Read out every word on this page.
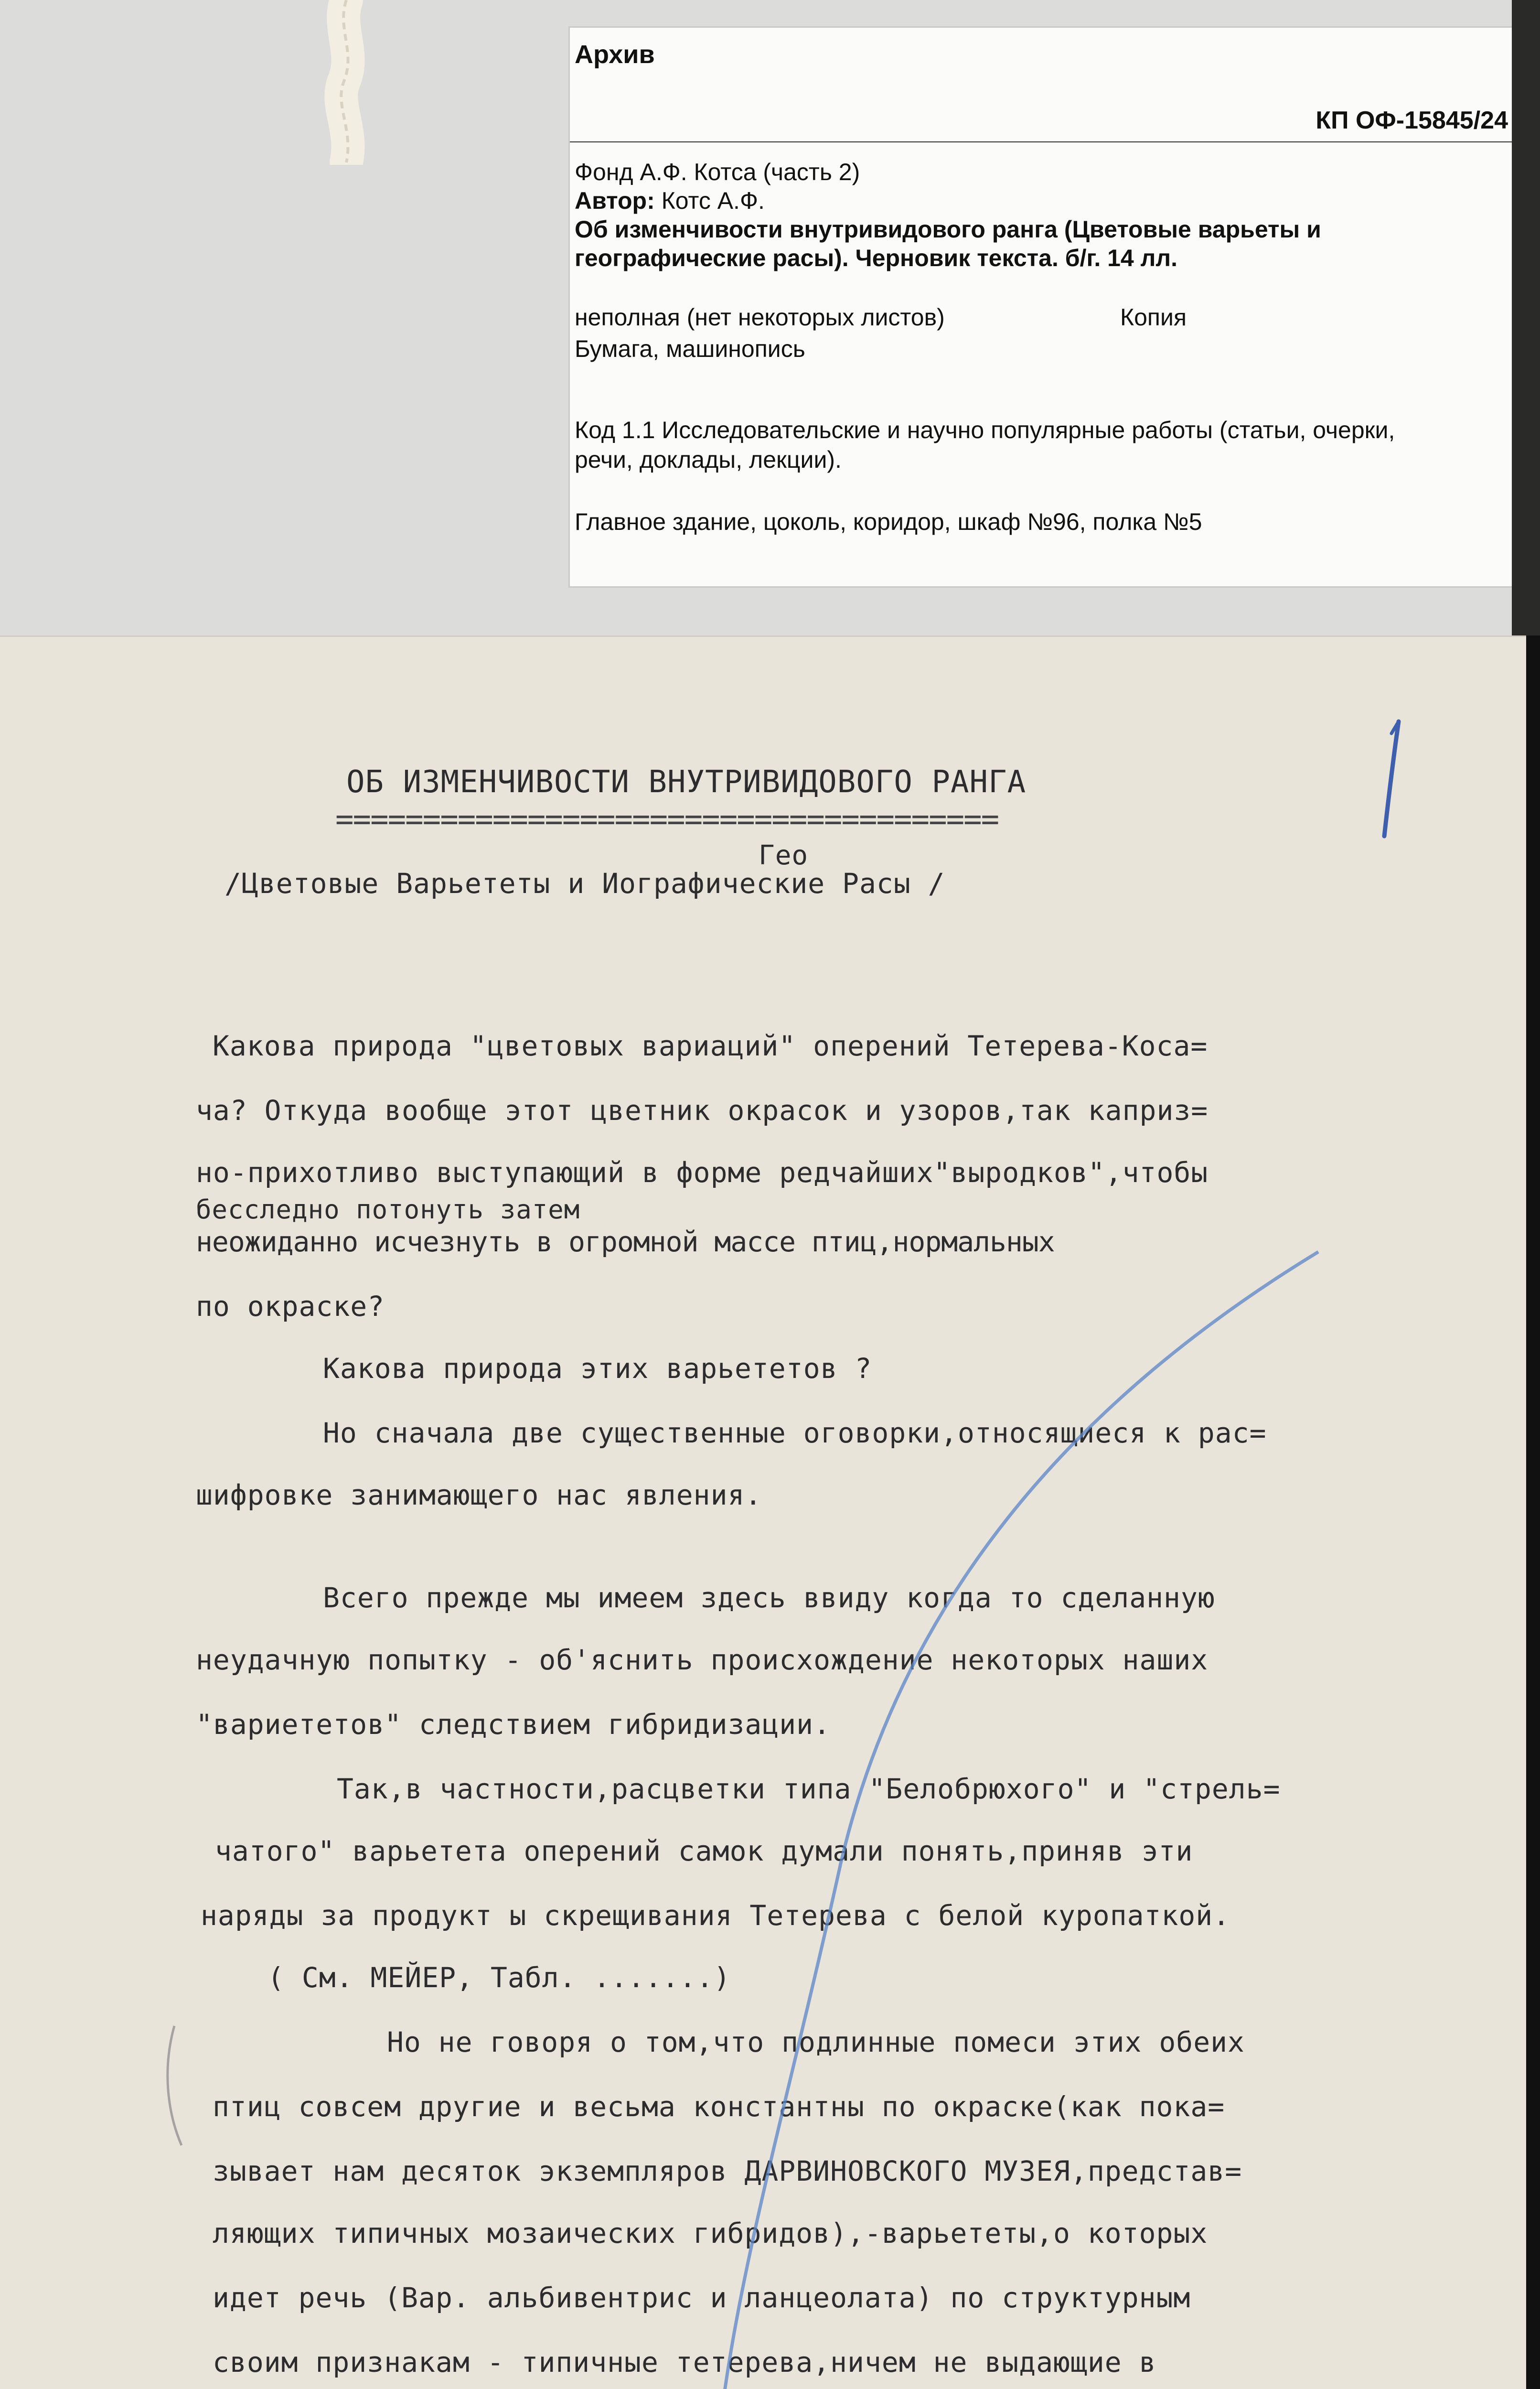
Архив
КП ОФ-15845/24
Фонд А.Ф. Котса (часть 2)
Автор: Котс А.Ф.
Об изменчивости внутривидового ранга (Цветовые варьеты и
географические расы). Черновик текста. б/г. 14 лл.
неполная (нет некоторых листов)	Копия
Бумага, машинопись
Код 1.1 Исследовательские и научно популярные работы (статьи, очерки,
речи, доклады, лекции).
Главное здание, цоколь, коридор, шкаф №96, полка №5
ОБ ИЗМЕНЧИВОСТИ ВНУТРИВИДОВОГО РАНГА
======================================
Гео
/Цветовые Варьететы и Иографические Расы /
Какова природа "цветовых вариаций" оперений Тетерева-Коса=
ча? Откуда вообще этот цветник окрасок и узоров,так каприз=
но-прихотливо выступающий в форме редчайших"выродков",чтобы
бесследно потонуть затем
неожиданно исчезнуть в огромной массе птиц,нормальных
по окраске?
Какова природа этих варьететов ?
Но сначала две существенные оговорки,относящиеся к рас=
шифровке занимающего нас явления.
Всего прежде мы имеем здесь ввиду когда то сделанную
неудачную попытку - об'яснить происхождение некоторых наших
"вариететов" следствием гибридизации.
Так,в частности,расцветки типа "Белобрюхого" и "стрель=
чатого" варьетета оперений самок думали понять,приняв эти
наряды за продукт ы скрещивания Тетерева с белой куропаткой.
( См. МЕЙЕР, Табл. .......)
Но не говоря о том,что подлинные помеси этих обеих
птиц совсем другие и весьма константны по окраске(как пока=
зывает нам десяток экземпляров ДАРВИНОВСКОГО МУЗЕЯ,представ=
ляющих типичных мозаических гибридов),-варьететы,о которых
идет речь (Вар. альбивентрис и ланцеолата) по структурным
своим признакам - типичные тетерева,ничем не выдающие в
